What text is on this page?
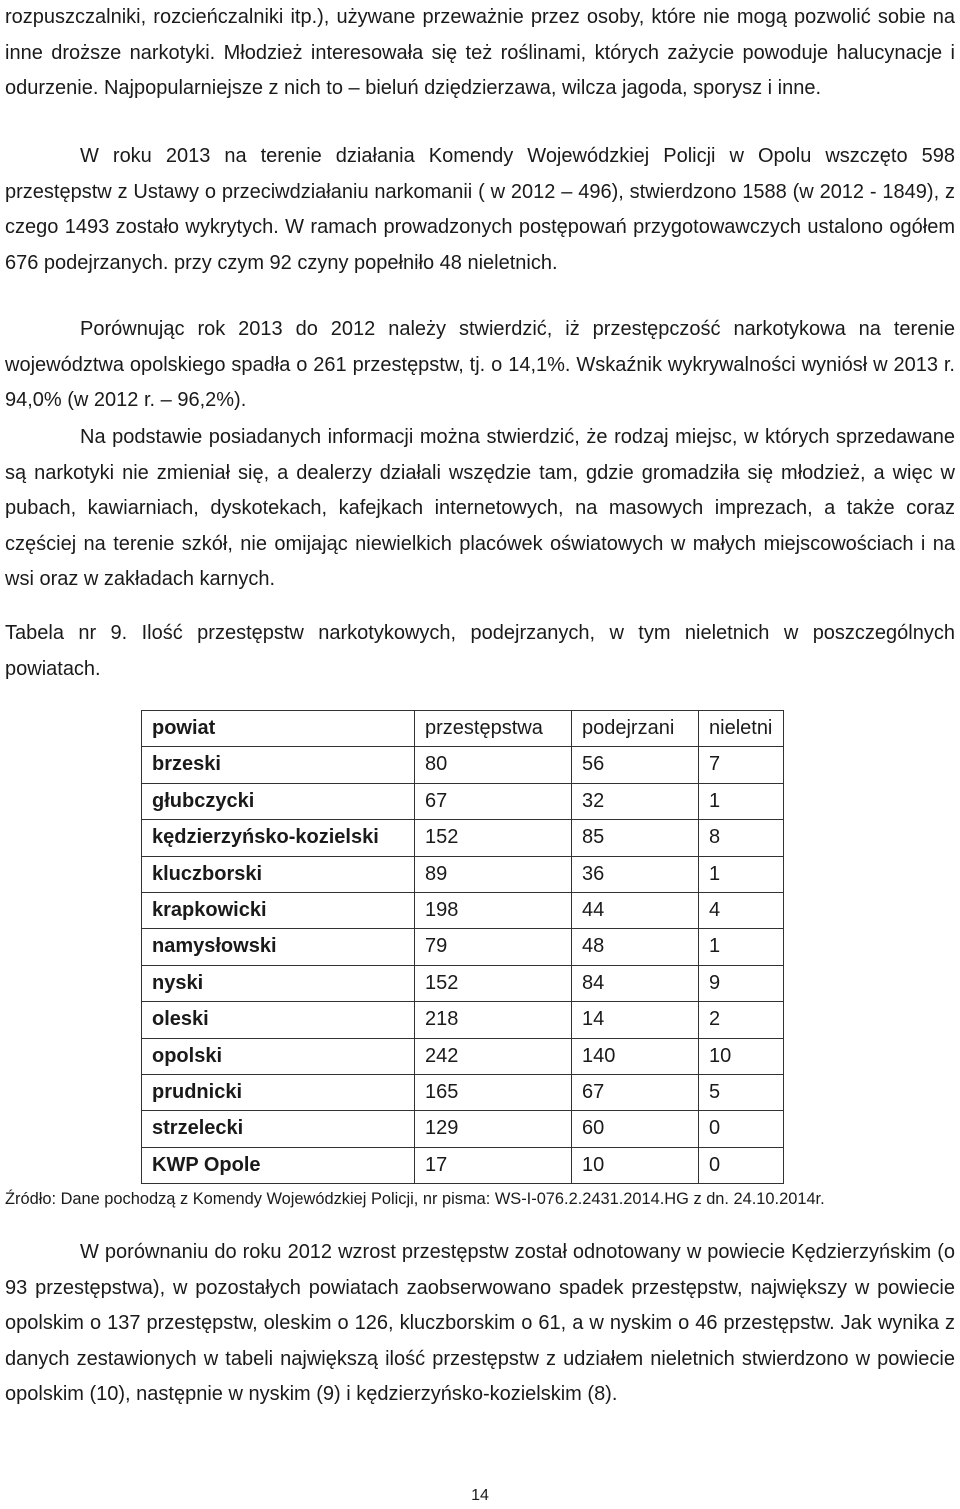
rozpuszczalniki, rozcieńczalniki itp.), używane przeważnie przez osoby, które nie mogą pozwolić sobie na inne droższe narkotyki. Młodzież interesowała się też roślinami, których zażycie powoduje halucynacje i odurzenie. Najpopularniejsze z nich to – bieluń dziędzierzawa, wilcza jagoda, sporysz i inne.

W roku 2013 na terenie działania Komendy Wojewódzkiej Policji w Opolu wszczęto 598 przestępstw z Ustawy o przeciwdziałaniu narkomanii ( w 2012 – 496), stwierdzono 1588 (w 2012 - 1849), z czego 1493 zostało wykrytych. W ramach prowadzonych postępowań przygotowawczych ustalono ogółem 676 podejrzanych. przy czym 92 czyny popełniło 48 nieletnich.

Porównując rok 2013 do 2012 należy stwierdzić, iż przestępczość narkotykowa na terenie województwa opolskiego spadła o 261 przestępstw, tj. o 14,1%. Wskaźnik wykrywalności wyniósł w 2013 r. 94,0% (w 2012 r. – 96,2%).

Na podstawie posiadanych informacji można stwierdzić, że rodzaj miejsc, w których sprzedawane są narkotyki nie zmieniał się, a dealerzy działali wszędzie tam, gdzie gromadziła się młodzież, a więc w pubach, kawiarniach, dyskotekach, kafejkach internetowych, na masowych imprezach, a także coraz częściej na terenie szkół, nie omijając niewielkich placówek oświatowych w małych miejscowościach i na wsi oraz w zakładach karnych.

Tabela nr 9. Ilość przestępstw narkotykowych, podejrzanych, w tym nieletnich w poszczególnych powiatach.

powiat	przestępstwa	podejrzani	nieletni
brzeski	80	56	7
głubczycki	67	32	1
kędzierzyńsko-kozielski	152	85	8
kluczborski	89	36	1
krapkowicki	198	44	4
namysłowski	79	48	1
nyski	152	84	9
oleski	218	14	2
opolski	242	140	10
prudnicki	165	67	5
strzelecki	129	60	0
KWP Opole	17	10	0
Źródło: Dane pochodzą z Komendy Wojewódzkiej Policji, nr pisma: WS-I-076.2.2431.2014.HG z dn. 24.10.2014r.

W porównaniu do roku 2012 wzrost przestępstw został odnotowany w powiecie Kędzierzyńskim (o 93 przestępstwa), w pozostałych powiatach zaobserwowano spadek przestępstw, największy w powiecie opolskim o 137 przestępstw, oleskim o 126, kluczborskim o 61, a w nyskim o 46 przestępstw. Jak wynika z danych zestawionych w tabeli największą ilość przestępstw z udziałem nieletnich stwierdzono w powiecie opolskim (10), następnie w nyskim (9) i kędzierzyńsko-kozielskim (8).

14
